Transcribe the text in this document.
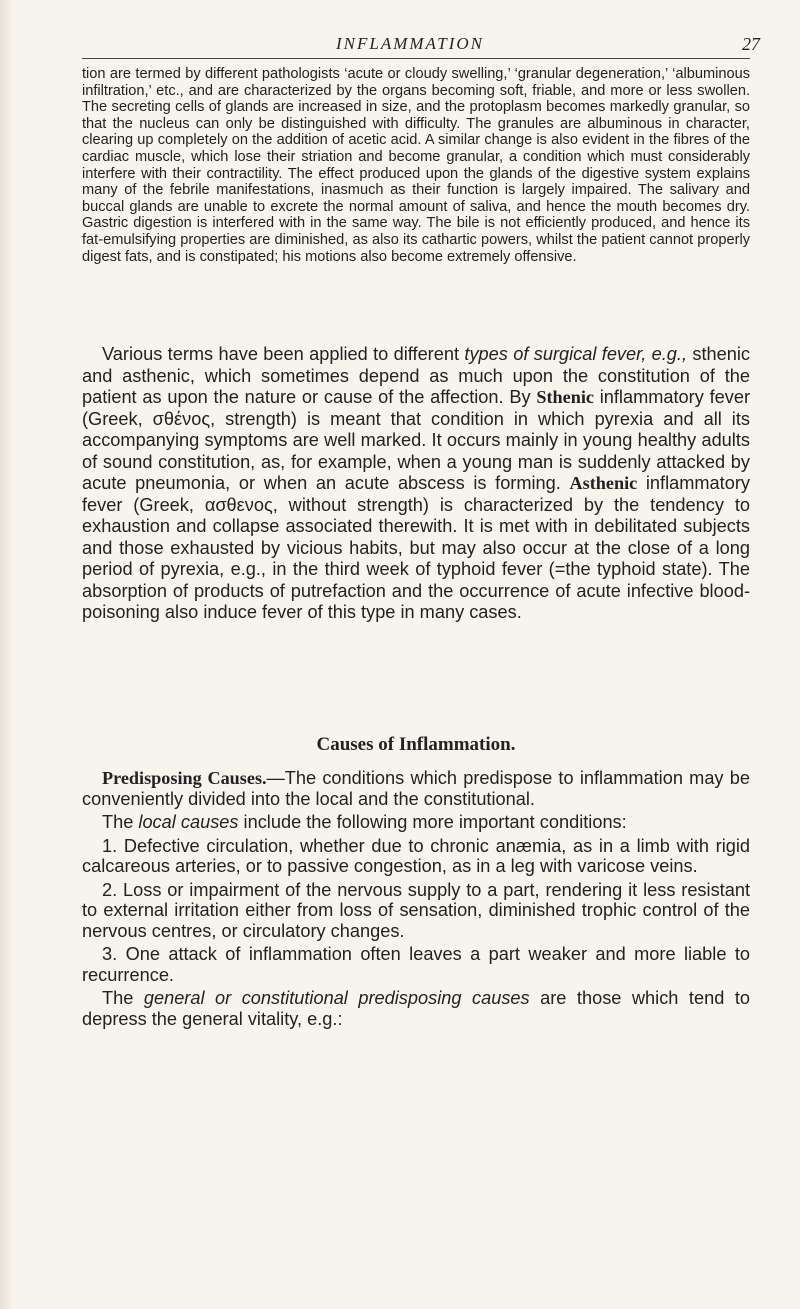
INFLAMMATION	27

tion are termed by different pathologists ‘acute or cloudy swelling,’ ‘granular degeneration,’ ‘albuminous infiltration,’ etc., and are characterized by the organs becoming soft, friable, and more or less swollen. The secreting cells of glands are increased in size, and the protoplasm becomes markedly granular, so that the nucleus can only be distinguished with difficulty. The granules are albuminous in character, clearing up completely on the addition of acetic acid. A similar change is also evident in the fibres of the cardiac muscle, which lose their striation and become granular, a condition which must considerably interfere with their contractility. The effect produced upon the glands of the digestive system explains many of the febrile manifestations, inasmuch as their function is largely impaired. The salivary and buccal glands are unable to excrete the normal amount of saliva, and hence the mouth becomes dry. Gastric digestion is interfered with in the same way. The bile is not efficiently produced, and hence its fat-emulsifying properties are diminished, as also its cathartic powers, whilst the patient cannot properly digest fats, and is constipated; his motions also become extremely offensive.

Various terms have been applied to different types of surgical fever, e.g., sthenic and asthenic, which sometimes depend as much upon the constitution of the patient as upon the nature or cause of the affection. By Sthenic inflammatory fever (Greek, σθένος, strength) is meant that condition in which pyrexia and all its accompanying symptoms are well marked. It occurs mainly in young healthy adults of sound constitution, as, for example, when a young man is suddenly attacked by acute pneumonia, or when an acute abscess is forming. Asthenic inflammatory fever (Greek, ασθενος, without strength) is characterized by the tendency to exhaustion and collapse associated therewith. It is met with in debilitated subjects and those exhausted by vicious habits, but may also occur at the close of a long period of pyrexia, e.g., in the third week of typhoid fever (=the typhoid state). The absorption of products of putrefaction and the occurrence of acute infective blood-poisoning also induce fever of this type in many cases.

Causes of Inflammation.

Predisposing Causes.—The conditions which predispose to inflammation may be conveniently divided into the local and the constitutional.

The local causes include the following more important conditions:

1. Defective circulation, whether due to chronic anæmia, as in a limb with rigid calcareous arteries, or to passive congestion, as in a leg with varicose veins.

2. Loss or impairment of the nervous supply to a part, rendering it less resistant to external irritation either from loss of sensation, diminished trophic control of the nervous centres, or circulatory changes.

3. One attack of inflammation often leaves a part weaker and more liable to recurrence.

The general or constitutional predisposing causes are those which tend to depress the general vitality, e.g.:
